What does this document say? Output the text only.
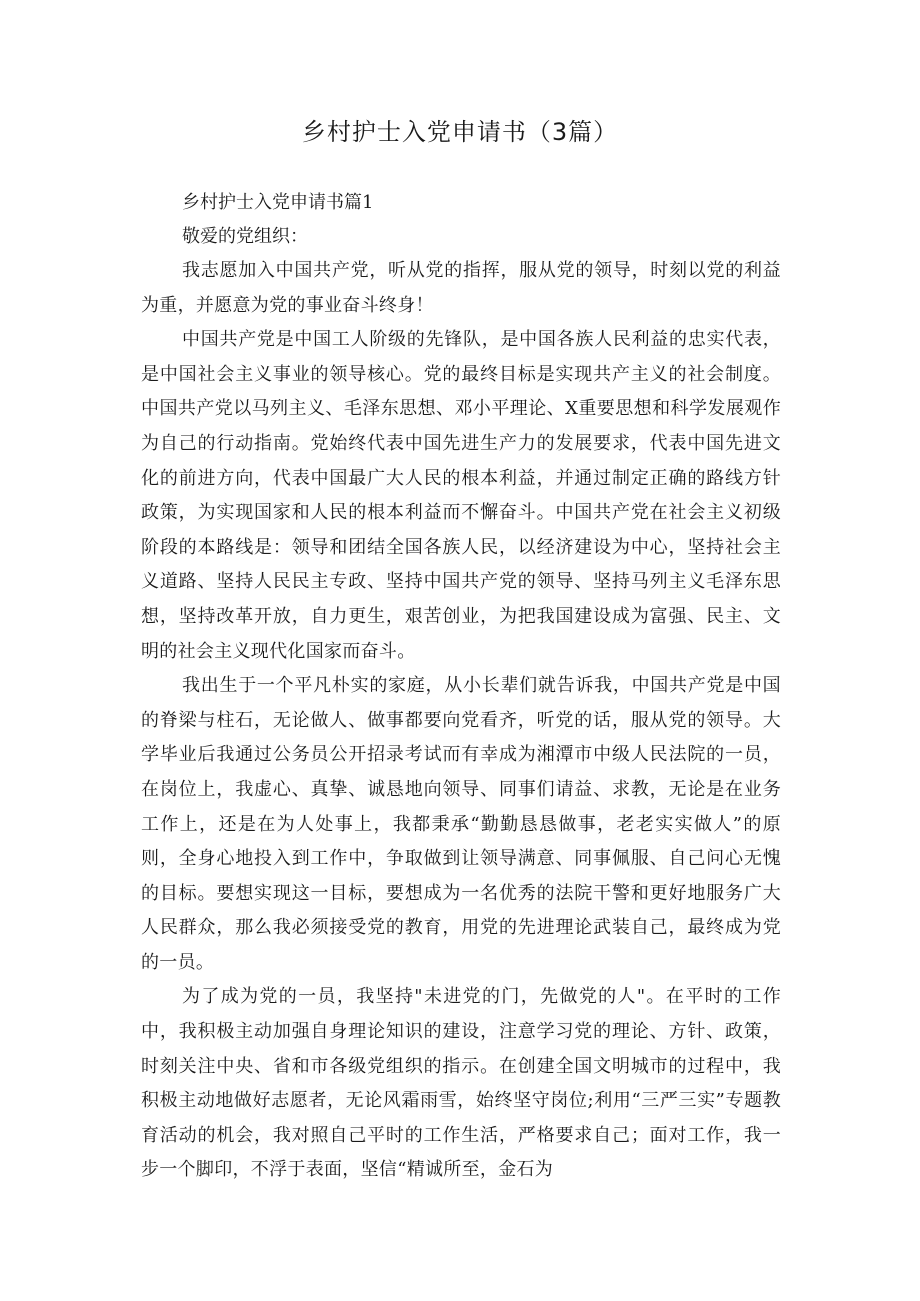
乡村护士入党申请书（3篇）

乡村护士入党申请书篇1

敬爱的党组织：

我志愿加入中国共产党，听从党的指挥，服从党的领导，时刻以党的利益为重，并愿意为党的事业奋斗终身！

中国共产党是中国工人阶级的先锋队，是中国各族人民利益的忠实代表，是中国社会主义事业的领导核心。党的最终目标是实现共产主义的社会制度。中国共产党以马列主义、毛泽东思想、邓小平理论、X重要思想和科学发展观作为自己的行动指南。党始终代表中国先进生产力的发展要求，代表中国先进文化的前进方向，代表中国最广大人民的根本利益，并通过制定正确的路线方针政策，为实现国家和人民的根本利益而不懈奋斗。中国共产党在社会主义初级阶段的本路线是：领导和团结全国各族人民，以经济建设为中心，坚持社会主义道路、坚持人民民主专政、坚持中国共产党的领导、坚持马列主义毛泽东思想，坚持改革开放，自力更生，艰苦创业，为把我国建设成为富强、民主、文明的社会主义现代化国家而奋斗。

我出生于一个平凡朴实的家庭，从小长辈们就告诉我，中国共产党是中国的脊梁与柱石，无论做人、做事都要向党看齐，听党的话，服从党的领导。大学毕业后我通过公务员公开招录考试而有幸成为湘潭市中级人民法院的一员，在岗位上，我虚心、真挚、诚恳地向领导、同事们请益、求教，无论是在业务工作上，还是在为人处事上，我都秉承“勤勤恳恳做事，老老实实做人”的原则，全身心地投入到工作中，争取做到让领导满意、同事佩服、自己问心无愧的目标。要想实现这一目标，要想成为一名优秀的法院干警和更好地服务广大人民群众，那么我必须接受党的教育，用党的先进理论武装自己，最终成为党的一员。

为了成为党的一员，我坚持"未进党的门，先做党的人"。在平时的工作中，我积极主动加强自身理论知识的建设，注意学习党的理论、方针、政策，时刻关注中央、省和市各级党组织的指示。在创建全国文明城市的过程中，我积极主动地做好志愿者，无论风霜雨雪，始终坚守岗位;利用“三严三实”专题教育活动的机会，我对照自己平时的工作生活，严格要求自己；面对工作，我一步一个脚印，不浮于表面，坚信“精诚所至，金石为
